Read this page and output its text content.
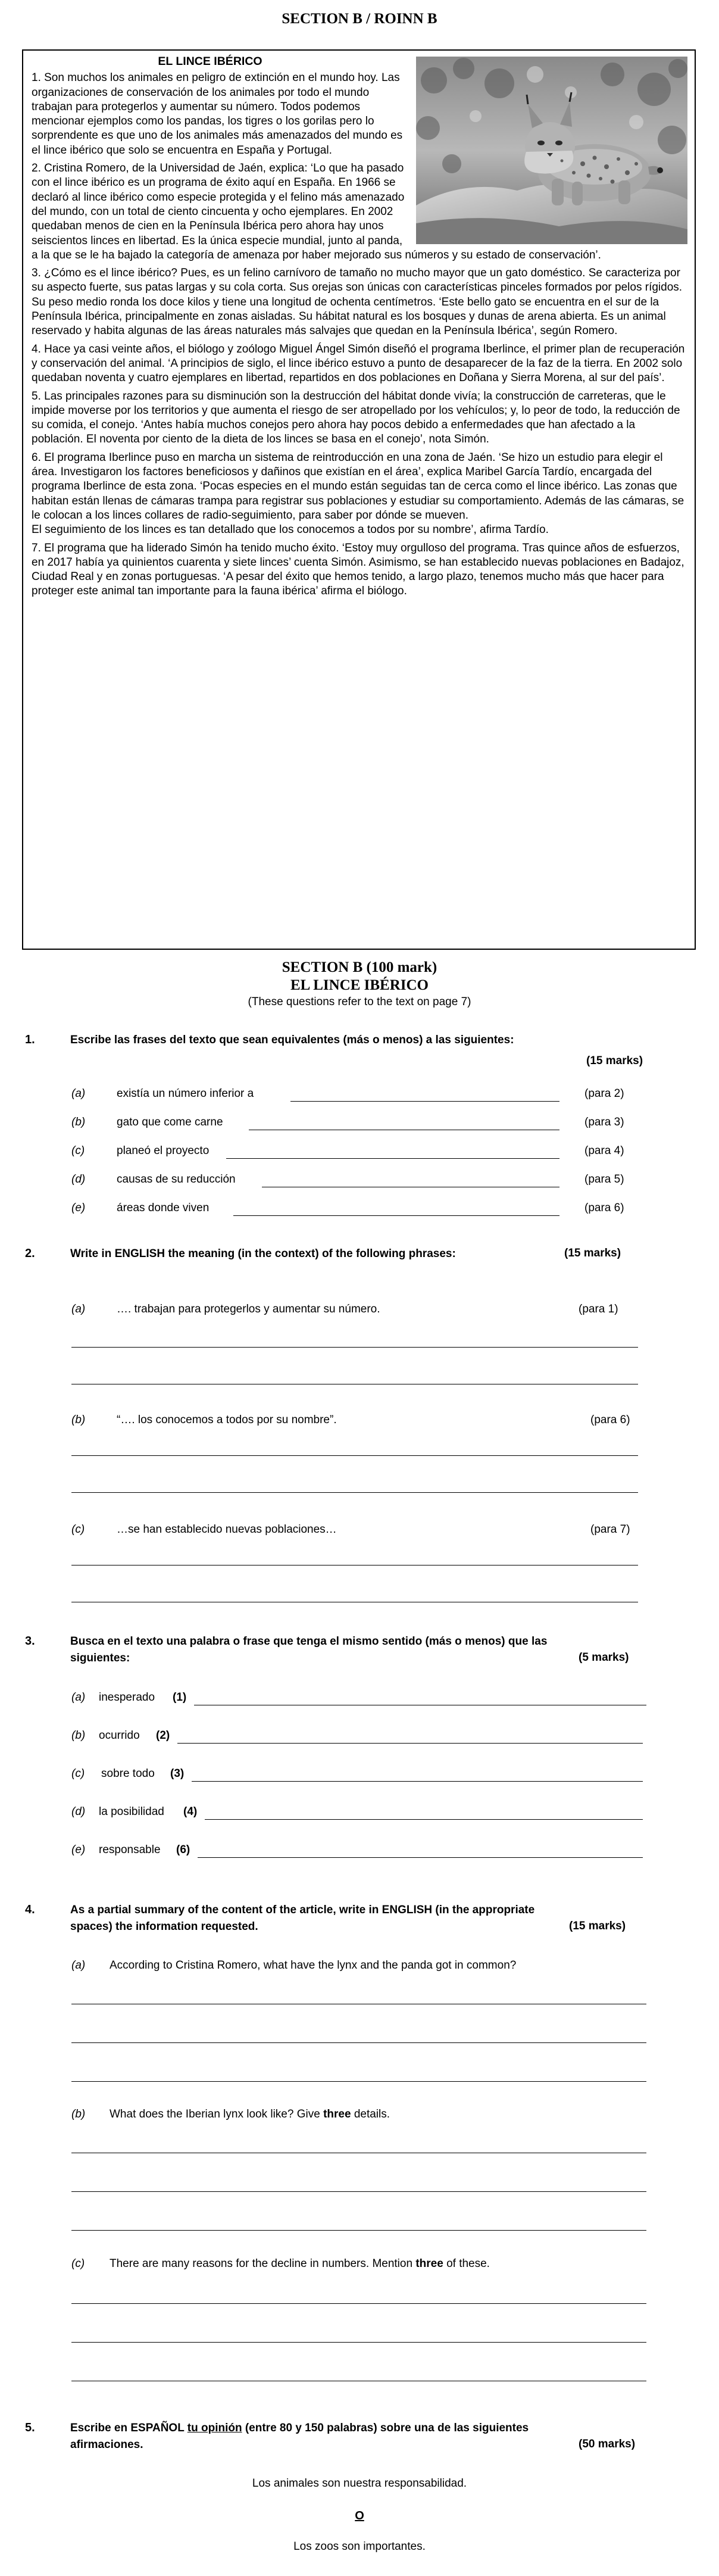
SECTION B / ROINN B
EL LINCE IBÉRICO

1. Son muchos los animales en peligro de extinción en el mundo hoy. Las organizaciones de conservación de los animales por todo el mundo trabajan para protegerlos y aumentar su número. Todos podemos mencionar ejemplos como los pandas, los tigres o los gorilas pero lo sorprendente es que uno de los animales más amenazados del mundo es el lince ibérico que solo se encuentra en España y Portugal.

2. Cristina Romero, de la Universidad de Jaén, explica: ‘Lo que ha pasado con el lince ibérico es un programa de éxito aquí en España. En 1966 se declaró al lince ibérico como especie protegida y el felino más amenazado del mundo, con un total de ciento cincuenta y ocho ejemplares. En 2002 quedaban menos de cien en la Península Ibérica pero ahora hay unos seiscientos linces en libertad. Es la única especie mundial, junto al panda, a la que se le ha bajado la categoría de amenaza por haber mejorado sus números y su estado de conservación’.

3. ¿Cómo es el lince ibérico? Pues, es un felino carnívoro de tamaño no mucho mayor que un gato doméstico. Se caracteriza por su aspecto fuerte, sus patas largas y su cola corta. Sus orejas son únicas con características pinceles formados por pelos rígidos. Su peso medio ronda los doce kilos y tiene una longitud de ochenta centímetros. ‘Este bello gato se encuentra en el sur de la Península Ibérica, principalmente en zonas aisladas. Su hábitat natural es los bosques y dunas de arena abierta. Es un animal reservado y habita algunas de las áreas naturales más salvajes que quedan en la Península Ibérica’, según Romero.

4. Hace ya casi veinte años, el biólogo y zoólogo Miguel Ángel Simón diseñó el programa Iberlince, el primer plan de recuperación y conservación del animal. ‘A principios de siglo, el lince ibérico estuvo a punto de desaparecer de la faz de la tierra. En 2002 solo quedaban noventa y cuatro ejemplares en libertad, repartidos en dos poblaciones en Doñana y Sierra Morena, al sur del país’.

5. Las principales razones para su disminución son la destrucción del hábitat donde vivía; la construcción de carreteras, que le impide moverse por los territorios y que aumenta el riesgo de ser atropellado por los vehículos; y, lo peor de todo, la reducción de su comida, el conejo. ‘Antes había muchos conejos pero ahora hay pocos debido a enfermedades que han afectado a la población. El noventa por ciento de la dieta de los linces se basa en el conejo’, nota Simón.

6. El programa Iberlince puso en marcha un sistema de reintroducción en una zona de Jaén. ‘Se hizo un estudio para elegir el área. Investigaron los factores beneficiosos y dañinos que existían en el área’, explica Maribel García Tardío, encargada del programa Iberlince de esta zona. ‘Pocas especies en el mundo están seguidas tan de cerca como el lince ibérico. Las zonas que habitan están llenas de cámaras trampa para registrar sus poblaciones y estudiar su comportamiento. Además de las cámaras, se le colocan a los linces collares de radio-seguimiento, para saber por dónde se mueven.

El seguimiento de los linces es tan detallado que los conocemos a todos por su nombre’, afirma Tardío.

7. El programa que ha liderado Simón ha tenido mucho éxito. ‘Estoy muy orgulloso del programa. Tras quince años de esfuerzos, en 2017 había ya quinientos cuarenta y siete linces’ cuenta Simón. Asimismo, se han establecido nuevas poblaciones en Badajoz, Ciudad Real y en zonas portuguesas. ‘A pesar del éxito que hemos tenido, a largo plazo, tenemos mucho más que hacer para proteger este animal tan importante para la fauna ibérica’ afirma el biólogo.

SECTION B (100 mark)
EL LINCE IBÉRICO
(These questions refer to the text on page 7)
1.	Escribe las frases del texto que sean equivalentes (más o menos) a las siguientes:
(15 marks)
(a)	existía un número inferior a	(para 2)
(b)	gato que come carne	(para 3)
(c)	planeó el proyecto	(para 4)
(d)	causas de su reducción	(para 5)
(e)	áreas donde viven	(para 6)
2.	Write in ENGLISH the meaning (in the context) of the following phrases:	(15 marks)
(a)	…. trabajan para protegerlos y aumentar su número.	(para 1)
(b)	“…. los conocemos a todos por su nombre”.	(para 6)
(c)	…se han establecido nuevas poblaciones…	(para 7)
3.	Busca en el texto una palabra o frase que tenga el mismo sentido (más o menos) que las
siguientes:	(5 marks)
(a) inesperado (1)
(b) ocurrido (2)
(c) sobre todo (3)
(d) la posibilidad (4)
(e) responsable (6)
4.	As a partial summary of the content of the article, write in ENGLISH (in the appropriate
spaces) the information requested.	(15 marks)
(a) According to Cristina Romero, what have the lynx and the panda got in common?
(b) What does the Iberian lynx look like? Give three details.
(c) There are many reasons for the decline in numbers. Mention three of these.
5.	Escribe en ESPAÑOL tu opinión (entre 80 y 150 palabras) sobre una de las siguientes
afirmaciones.	(50 marks)
Los animales son nuestra responsabilidad.
O
Los zoos son importantes.
